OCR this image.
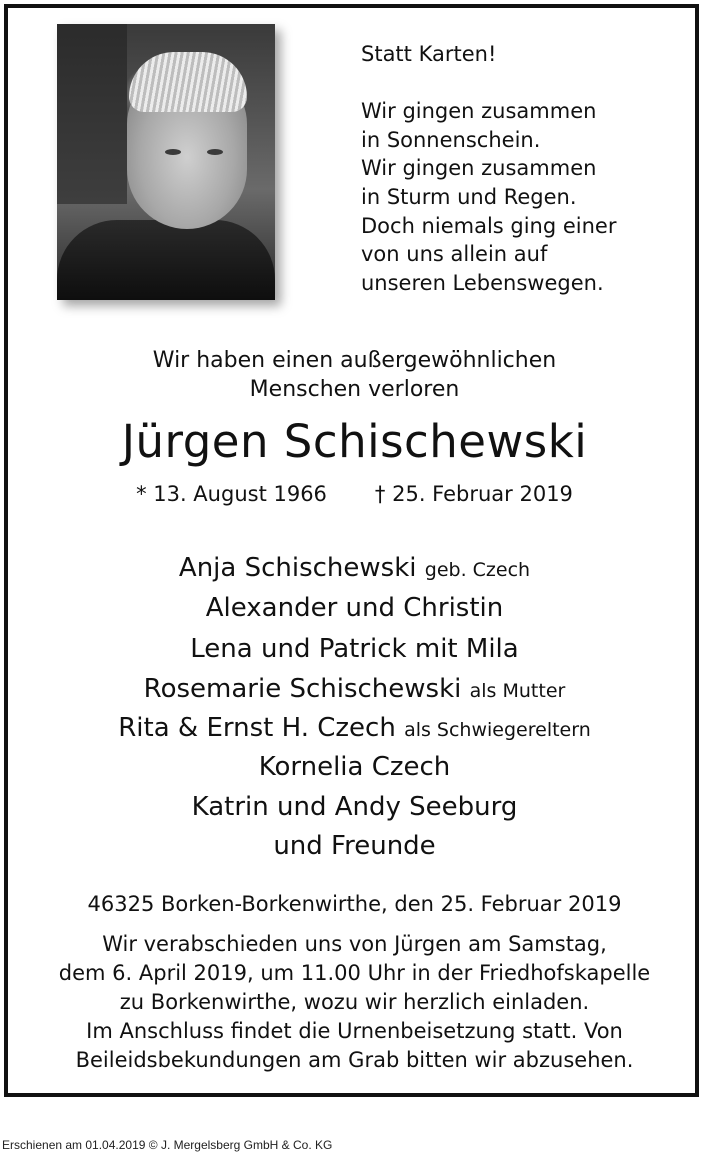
Statt Karten!

Wir gingen zusammen
in Sonnenschein.
Wir gingen zusammen
in Sturm und Regen.
Doch niemals ging einer
von uns allein auf
unseren Lebenswegen.
Wir haben einen außergewöhnlichen
Menschen verloren
Jürgen Schischewski
* 13. August 1966 † 25. Februar 2019
Anja Schischewski geb. Czech
Alexander und Christin
Lena und Patrick mit Mila
Rosemarie Schischewski als Mutter
Rita & Ernst H. Czech als Schwiegereltern
Kornelia Czech
Katrin und Andy Seeburg
und Freunde
46325 Borken-Borkenwirthe, den 25. Februar 2019
Wir verabschieden uns von Jürgen am Samstag,
dem 6. April 2019, um 11.00 Uhr in der Friedhofskapelle
zu Borkenwirthe, wozu wir herzlich einladen.
Im Anschluss findet die Urnenbeisetzung statt. Von
Beileidsbekundungen am Grab bitten wir abzusehen.
Erschienen am 01.04.2019 © J. Mergelsberg GmbH & Co. KG
